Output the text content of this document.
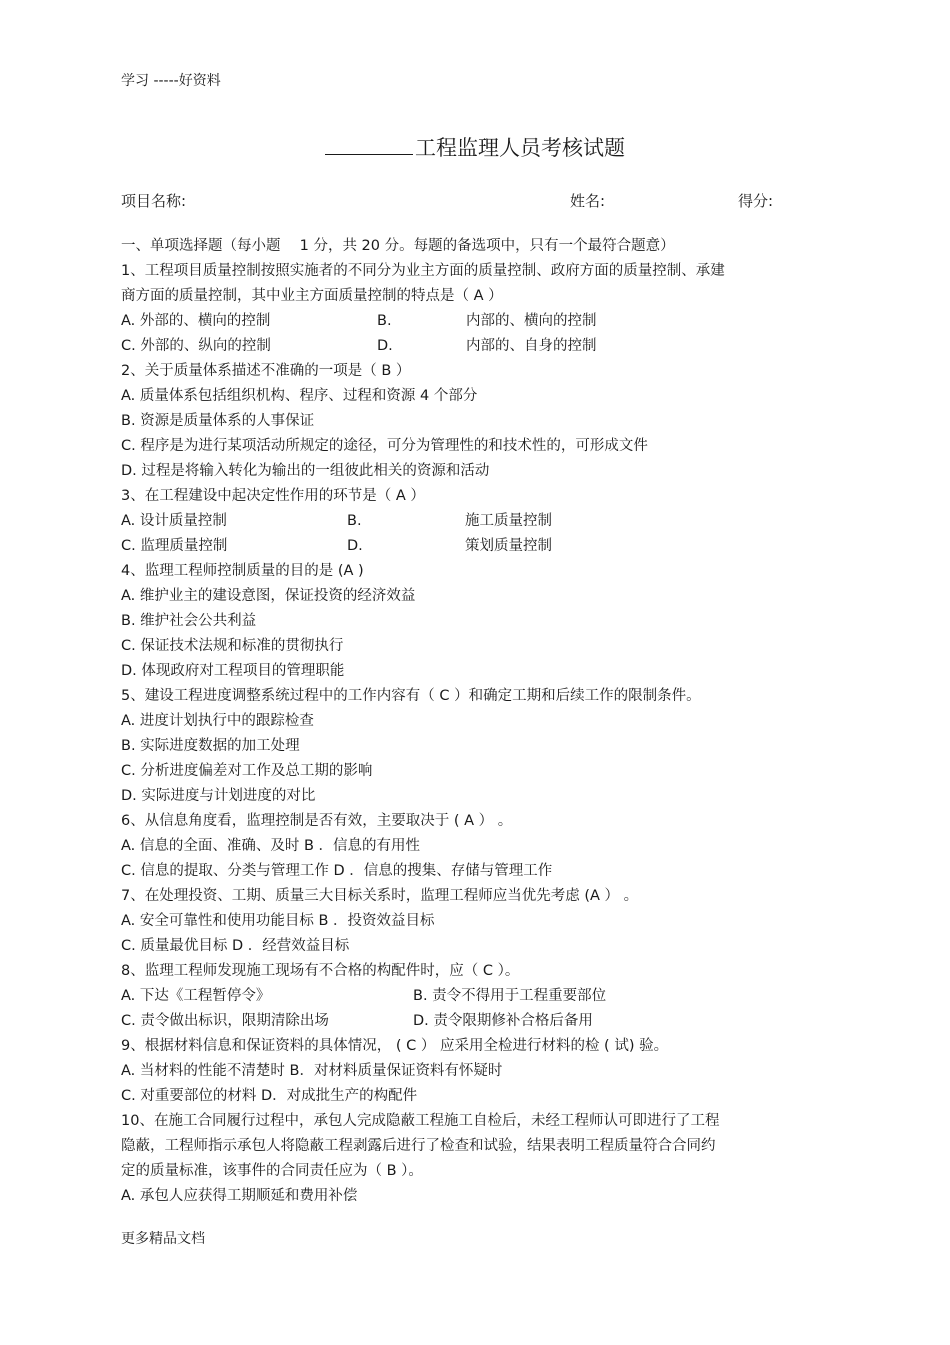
学习 -----好资料
工程监理人员考核试题
项目名称:	姓名:	得分:
一、单项选择题（每小题　 1 分，共 20 分。每题的备选项中，只有一个最符合题意）
1、工程项目质量控制按照实施者的不同分为业主方面的质量控制、政府方面的质量控制、承建
商方面的质量控制，其中业主方面质量控制的特点是（ A ）
A. 外部的、横向的控制	B.	内部的、横向的控制
C. 外部的、纵向的控制	D.	内部的、自身的控制
2、关于质量体系描述不准确的一项是（ B ）
A. 质量体系包括组织机构、程序、过程和资源 4 个部分
B. 资源是质量体系的人事保证
C. 程序是为进行某项活动所规定的途径，可分为管理性的和技术性的，可形成文件
D. 过程是将输入转化为输出的一组彼此相关的资源和活动
3、在工程建设中起决定性作用的环节是（ A ）
A. 设计质量控制	B.	施工质量控制
C. 监理质量控制	D.	策划质量控制
4、监理工程师控制质量的目的是 (A )
A. 维护业主的建设意图，保证投资的经济效益
B. 维护社会公共利益
C. 保证技术法规和标准的贯彻执行
D. 体现政府对工程项目的管理职能
5、建设工程进度调整系统过程中的工作内容有（ C ）和确定工期和后续工作的限制条件。
A. 进度计划执行中的跟踪检查
B. 实际进度数据的加工处理
C. 分析进度偏差对工作及总工期的影响
D. 实际进度与计划进度的对比
6、从信息角度看，监理控制是否有效，主要取决于 ( A ） 。
A. 信息的全面、准确、及时 B ．信息的有用性
C. 信息的提取、分类与管理工作 D ．信息的搜集、存储与管理工作
7、在处理投资、工期、质量三大目标关系时，监理工程师应当优先考虑 (A ） 。
A. 安全可靠性和使用功能目标 B ．投资效益目标
C. 质量最优目标 D ．经营效益目标
8、监理工程师发现施工现场有不合格的构配件时，应（ C ）。
A. 下达《工程暂停令》	B. 责令不得用于工程重要部位
C. 责令做出标识，限期清除出场	D. 责令限期修补合格后备用
9、根据材料信息和保证资料的具体情况， ( C ） 应采用全检进行材料的检 ( 试) 验。
A. 当材料的性能不清楚时 B．对材料质量保证资料有怀疑时
C. 对重要部位的材料 D．对成批生产的构配件
10、在施工合同履行过程中，承包人完成隐蔽工程施工自检后，未经工程师认可即进行了工程
隐蔽，工程师指示承包人将隐蔽工程剥露后进行了检查和试验，结果表明工程质量符合合同约
定的质量标准，该事件的合同责任应为（ B ）。
A. 承包人应获得工期顺延和费用补偿
更多精品文档
